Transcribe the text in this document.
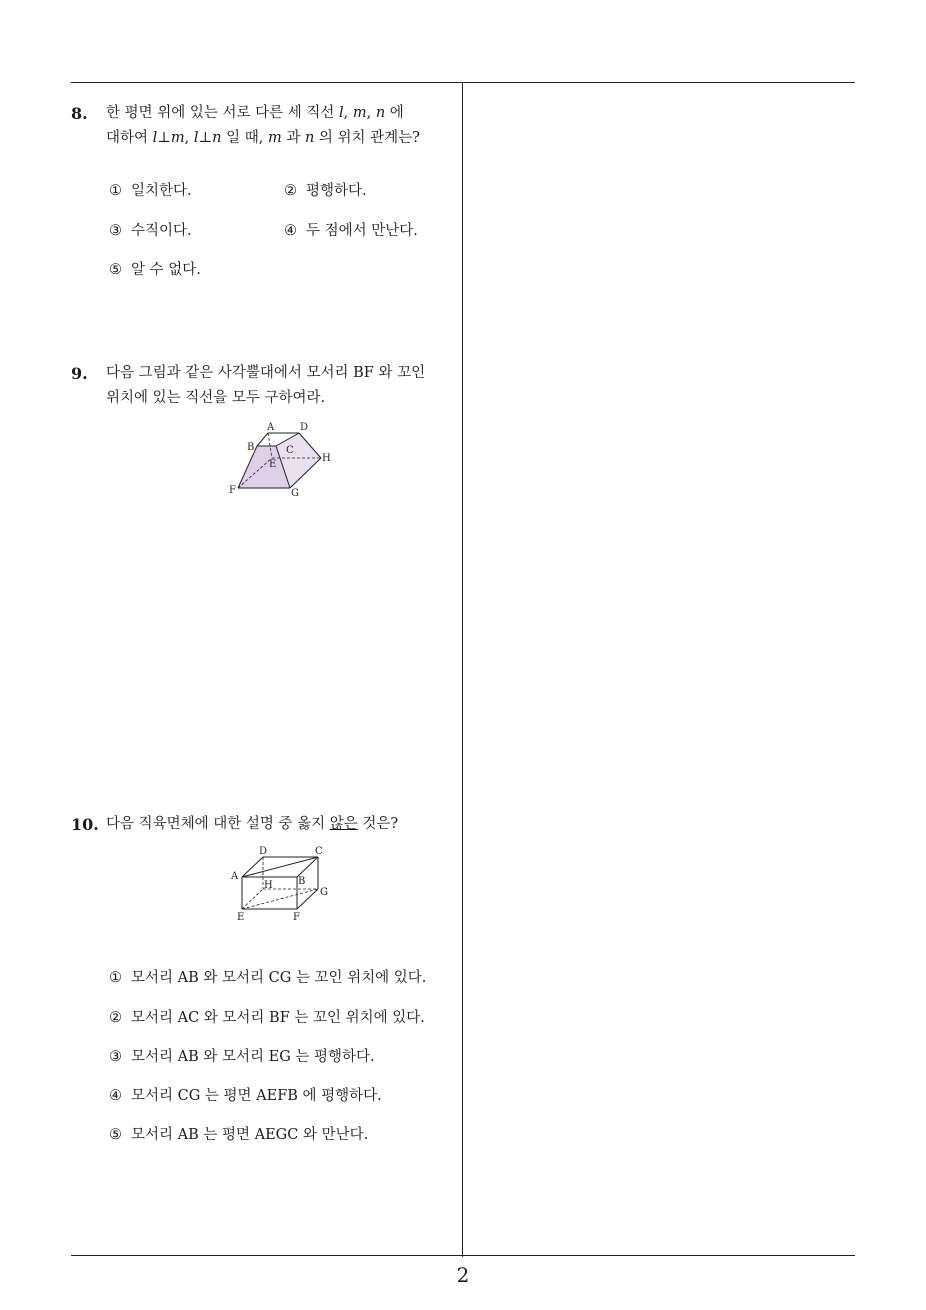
8. 한 평면 위에 있는 서로 다른 세 직선 l, m, n 에
대하여 l⊥m, l⊥n 일 때, m 과 n 의 위치 관계는?
① 일치한다.	② 평행하다.
③ 수직이다.	④ 두 점에서 만난다.
⑤ 알 수 없다.
9. 다음 그림과 같은 사각뿔대에서 모서리 BF 와 꼬인
위치에 있는 직선을 모두 구하여라.
A	D
B	C
E
H
F	G
10. 다음 직육면체에 대한 설명 중 옳지 않은 것은?
D	C
A
H	B
G
E	F
① 모서리 AB 와 모서리 CG 는 꼬인 위치에 있다.
② 모서리 AC 와 모서리 BF 는 꼬인 위치에 있다.
③ 모서리 AB 와 모서리 EG 는 평행하다.
④ 모서리 CG 는 평면 AEFB 에 평행하다.
⑤ 모서리 AB 는 평면 AEGC 와 만난다.
2
